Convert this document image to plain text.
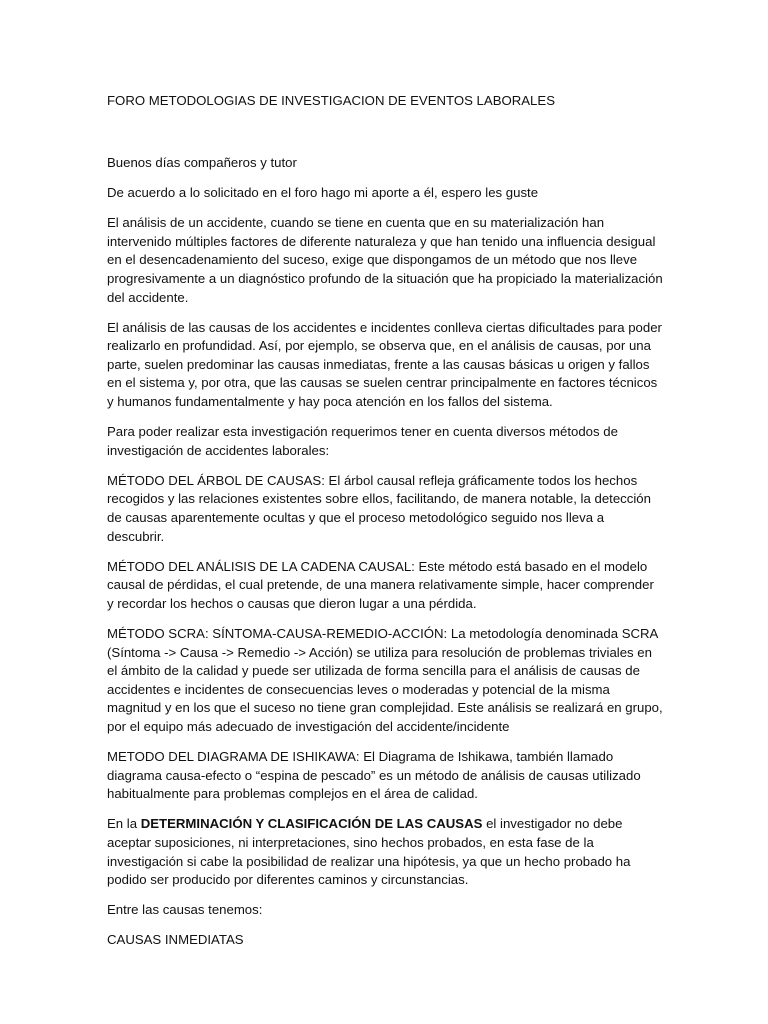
FORO METODOLOGIAS DE INVESTIGACION DE EVENTOS LABORALES

Buenos días compañeros y tutor

De acuerdo a lo solicitado en el foro hago mi aporte a él, espero les guste

El análisis de un accidente, cuando se tiene en cuenta que en su materialización han intervenido múltiples factores de diferente naturaleza y que han tenido una influencia desigual en el desencadenamiento del suceso, exige que dispongamos de un método que nos lleve progresivamente a un diagnóstico profundo de la situación que ha propiciado la materialización del accidente.

El análisis de las causas de los accidentes e incidentes conlleva ciertas dificultades para poder realizarlo en profundidad. Así, por ejemplo, se observa que, en el análisis de causas, por una parte, suelen predominar las causas inmediatas, frente a las causas básicas u origen y fallos en el sistema y, por otra, que las causas se suelen centrar principalmente en factores técnicos y humanos fundamentalmente y hay poca atención en los fallos del sistema.

Para poder realizar esta investigación requerimos tener en cuenta diversos métodos de investigación de accidentes laborales:

MÉTODO DEL ÁRBOL DE CAUSAS: El árbol causal refleja gráficamente todos los hechos recogidos y las relaciones existentes sobre ellos, facilitando, de manera notable, la detección de causas aparentemente ocultas y que el proceso metodológico seguido nos lleva a descubrir.

MÉTODO DEL ANÁLISIS DE LA CADENA CAUSAL: Este método está basado en el modelo causal de pérdidas, el cual pretende, de una manera relativamente simple, hacer comprender y recordar los hechos o causas que dieron lugar a una pérdida.

MÉTODO SCRA: SÍNTOMA-CAUSA-REMEDIO-ACCIÓN: La metodología denominada SCRA (Síntoma -> Causa -> Remedio -> Acción) se utiliza para resolución de problemas triviales en el ámbito de la calidad y puede ser utilizada de forma sencilla para el análisis de causas de accidentes e incidentes de consecuencias leves o moderadas y potencial de la misma magnitud y en los que el suceso no tiene gran complejidad. Este análisis se realizará en grupo, por el equipo más adecuado de investigación del accidente/incidente

METODO DEL DIAGRAMA DE ISHIKAWA: El Diagrama de Ishikawa, también llamado diagrama causa-efecto o “espina de pescado” es un método de análisis de causas utilizado habitualmente para problemas complejos en el área de calidad.

En la DETERMINACIÓN Y CLASIFICACIÓN DE LAS CAUSAS el investigador no debe aceptar suposiciones, ni interpretaciones, sino hechos probados, en esta fase de la investigación si cabe la posibilidad de realizar una hipótesis, ya que un hecho probado ha podido ser producido por diferentes caminos y circunstancias.

Entre las causas tenemos:

CAUSAS INMEDIATAS
